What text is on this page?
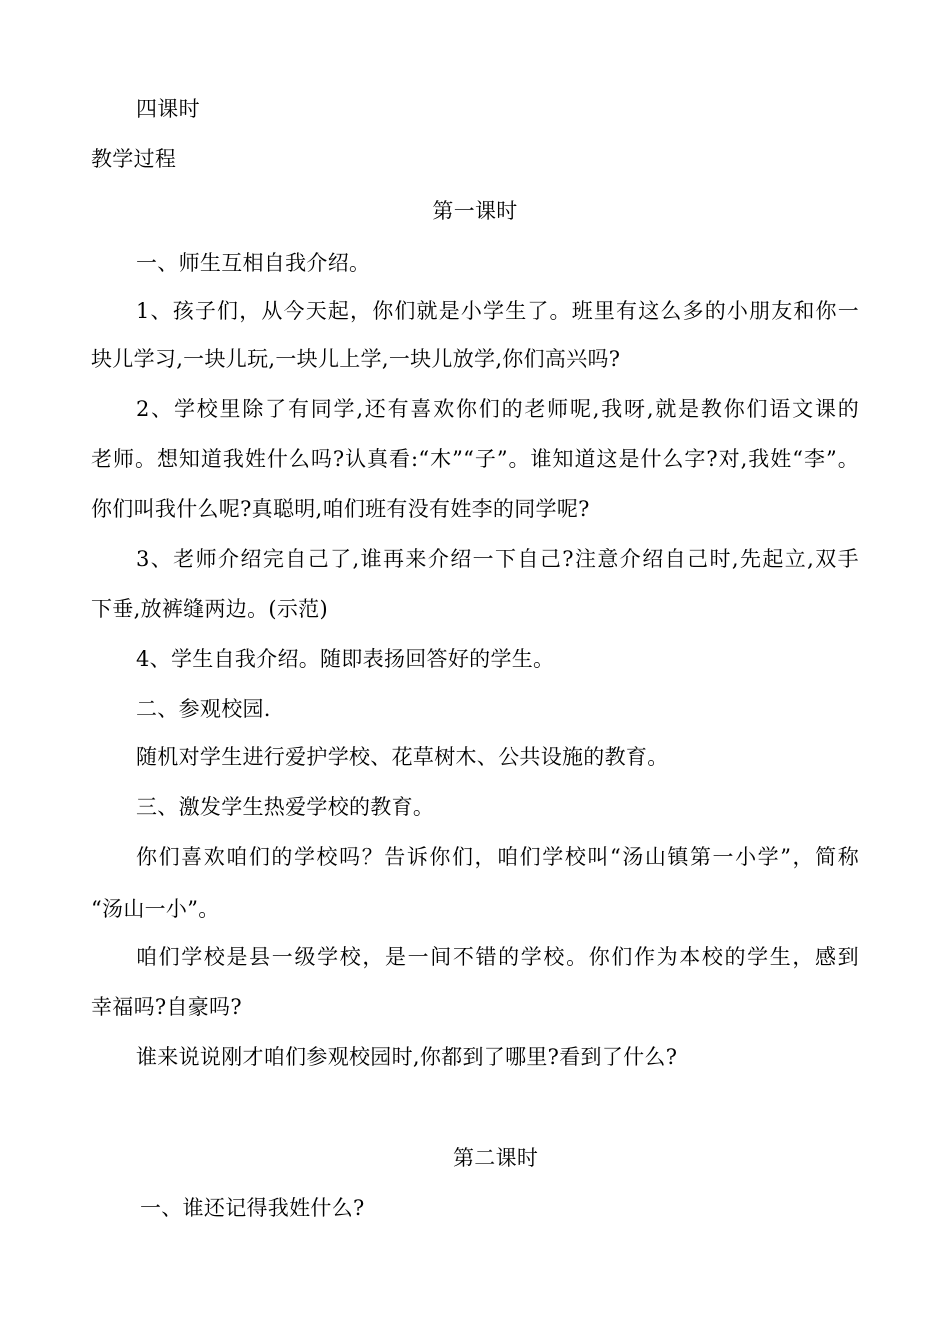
四课时
教学过程
第一课时
一、师生互相自我介绍。
1、孩子们，从今天起，你们就是小学生了。班里有这么多的小朋友和你一
块儿学习,一块儿玩,一块儿上学,一块儿放学,你们高兴吗?
2、学校里除了有同学,还有喜欢你们的老师呢,我呀,就是教你们语文课的
老师。想知道我姓什么吗?认真看:“木”“子”。谁知道这是什么字?对,我姓“李”。
你们叫我什么呢?真聪明,咱们班有没有姓李的同学呢?
3、老师介绍完自己了,谁再来介绍一下自己?注意介绍自己时,先起立,双手
下垂,放裤缝两边。(示范)
4、学生自我介绍。随即表扬回答好的学生。
二、参观校园.
随机对学生进行爱护学校、花草树木、公共设施的教育。
三、激发学生热爱学校的教育。
你们喜欢咱们的学校吗？告诉你们，咱们学校叫“汤山镇第一小学”，简称
“汤山一小”。
咱们学校是县一级学校，是一间不错的学校。你们作为本校的学生，感到
幸福吗?自豪吗?
谁来说说刚才咱们参观校园时,你都到了哪里?看到了什么?
第二课时
一、谁还记得我姓什么?
